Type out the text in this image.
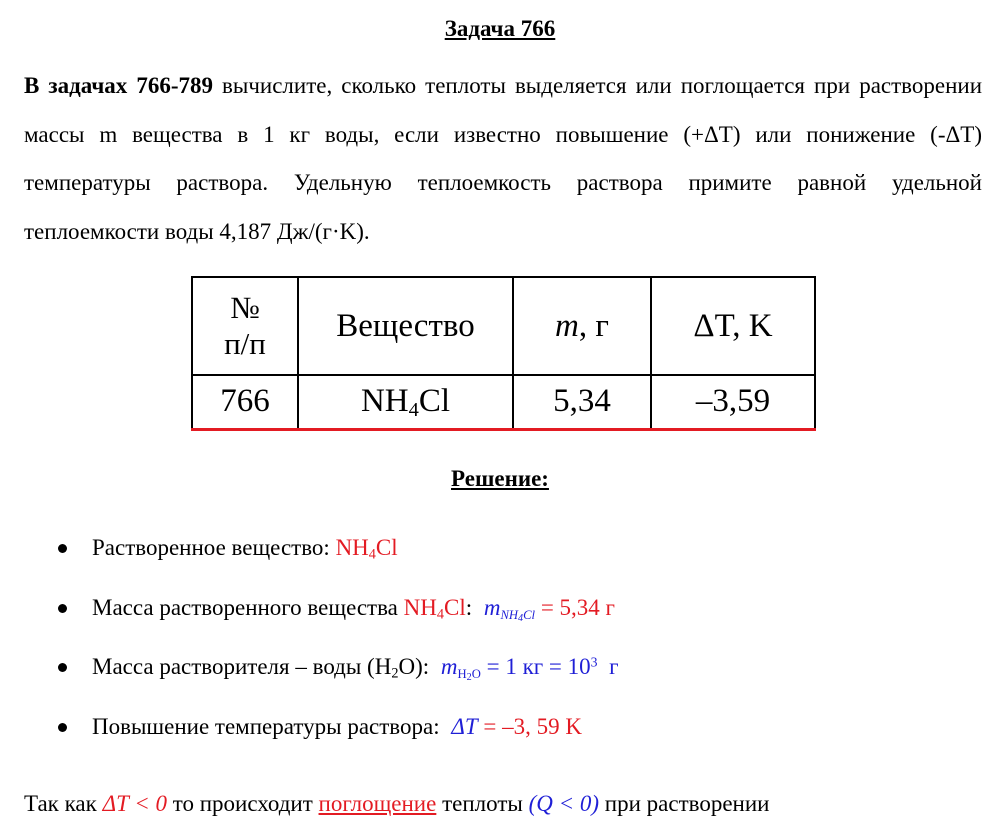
Задача 766
В задачах 766-789 вычислите, сколько теплоты выделяется или поглощается при растворении массы m вещества в 1 кг воды, если известно повышение (+ΔT) или понижение (-ΔT) температуры раствора. Удельную теплоемкость раствора примите равной удельной теплоемкости воды 4,187 Дж/(г·K).
№
п/п	Вещество	m, г	ΔT, K
766	$NH_4Cl$	5,34	–3,59
Решение:
Растворенное вещество: $NH_4Cl$
Масса растворенного вещества $NH_4Cl$: mNH4Cl = 5,34 г
Масса растворителя – воды $(H_2O)$: mH2O = 1 кг = $10^3$  г
Повышение температуры раствора: ΔT = –3, 59 K
Так как ΔT < 0 то происходит поглощение теплоты (Q < 0) при растворении
